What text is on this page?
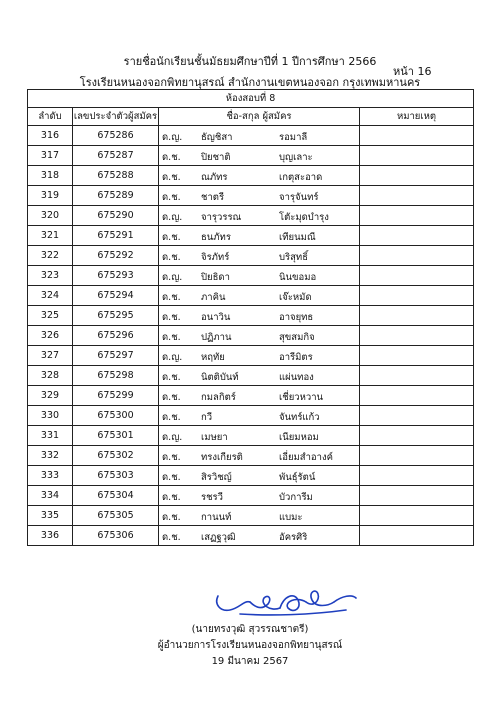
รายชื่อนักเรียนชั้นมัธยมศึกษาปีที่ 1 ปีการศึกษา 2566
หน้า 16
โรงเรียนหนองจอกพิทยานุสรณ์ สำนักงานเขตหนองจอก กรุงเทพมหานคร
ห้องสอบที่ 8			
ลำดับ	เลขประจำตัวผู้สมัคร	ชื่อ-สกุล ผู้สมัคร	หมายเหตุ
316	675286	ด.ญ. ธัญชิสา รอมาลี	

317	675287	ด.ช. ปิยชาติ บุญเลาะ	

318	675288	ด.ช. ณภัทร เกตุสะอาด	

319	675289	ด.ช. ชาตรี จารุจันทร์	

320	675290	ด.ญ. จารุวรรณ โตัะมุดบำรุง	

321	675291	ด.ช. ธนภัทร เทียนมณี	

322	675292	ด.ช. จิรภัทร์ บริสุทธิ์	

323	675293	ด.ญ. ปิยธิดา นินขอมอ	

324	675294	ด.ช. ภาคิน เจ๊ะหมัด	

325	675295	ด.ช. อนาวิน อาจยุทธ	

326	675296	ด.ช. ปฏิภาน สุขสมกิจ	

327	675297	ด.ญ. หฤทัย อารีมิตร	

328	675298	ด.ช. นิตติบันท์ แผ่นทอง	

329	675299	ด.ช. กมลกิตร์ เชี่ยวหวาน	

330	675300	ด.ช. กวี จันทร์แก้ว	

331	675301	ด.ญ. เมษยา เนียมหอม	

332	675302	ด.ช. ทรงเกียรติ เอี่ยมสำอางค์	

333	675303	ด.ช. สิรวิชญ์ พันธุ์รัตน์	

334	675304	ด.ช. รชรวี บัวการีม	

335	675305	ด.ช. กานนท์ แบมะ	

336	675306	ด.ช. เสฏฐวุฒิ อัครศิริ	

(นายทรงวุฒิ สุวรรณชาตรี)
ผู้อำนวยการโรงเรียนหนองจอกพิทยานุสรณ์
19 มีนาคม 2567
